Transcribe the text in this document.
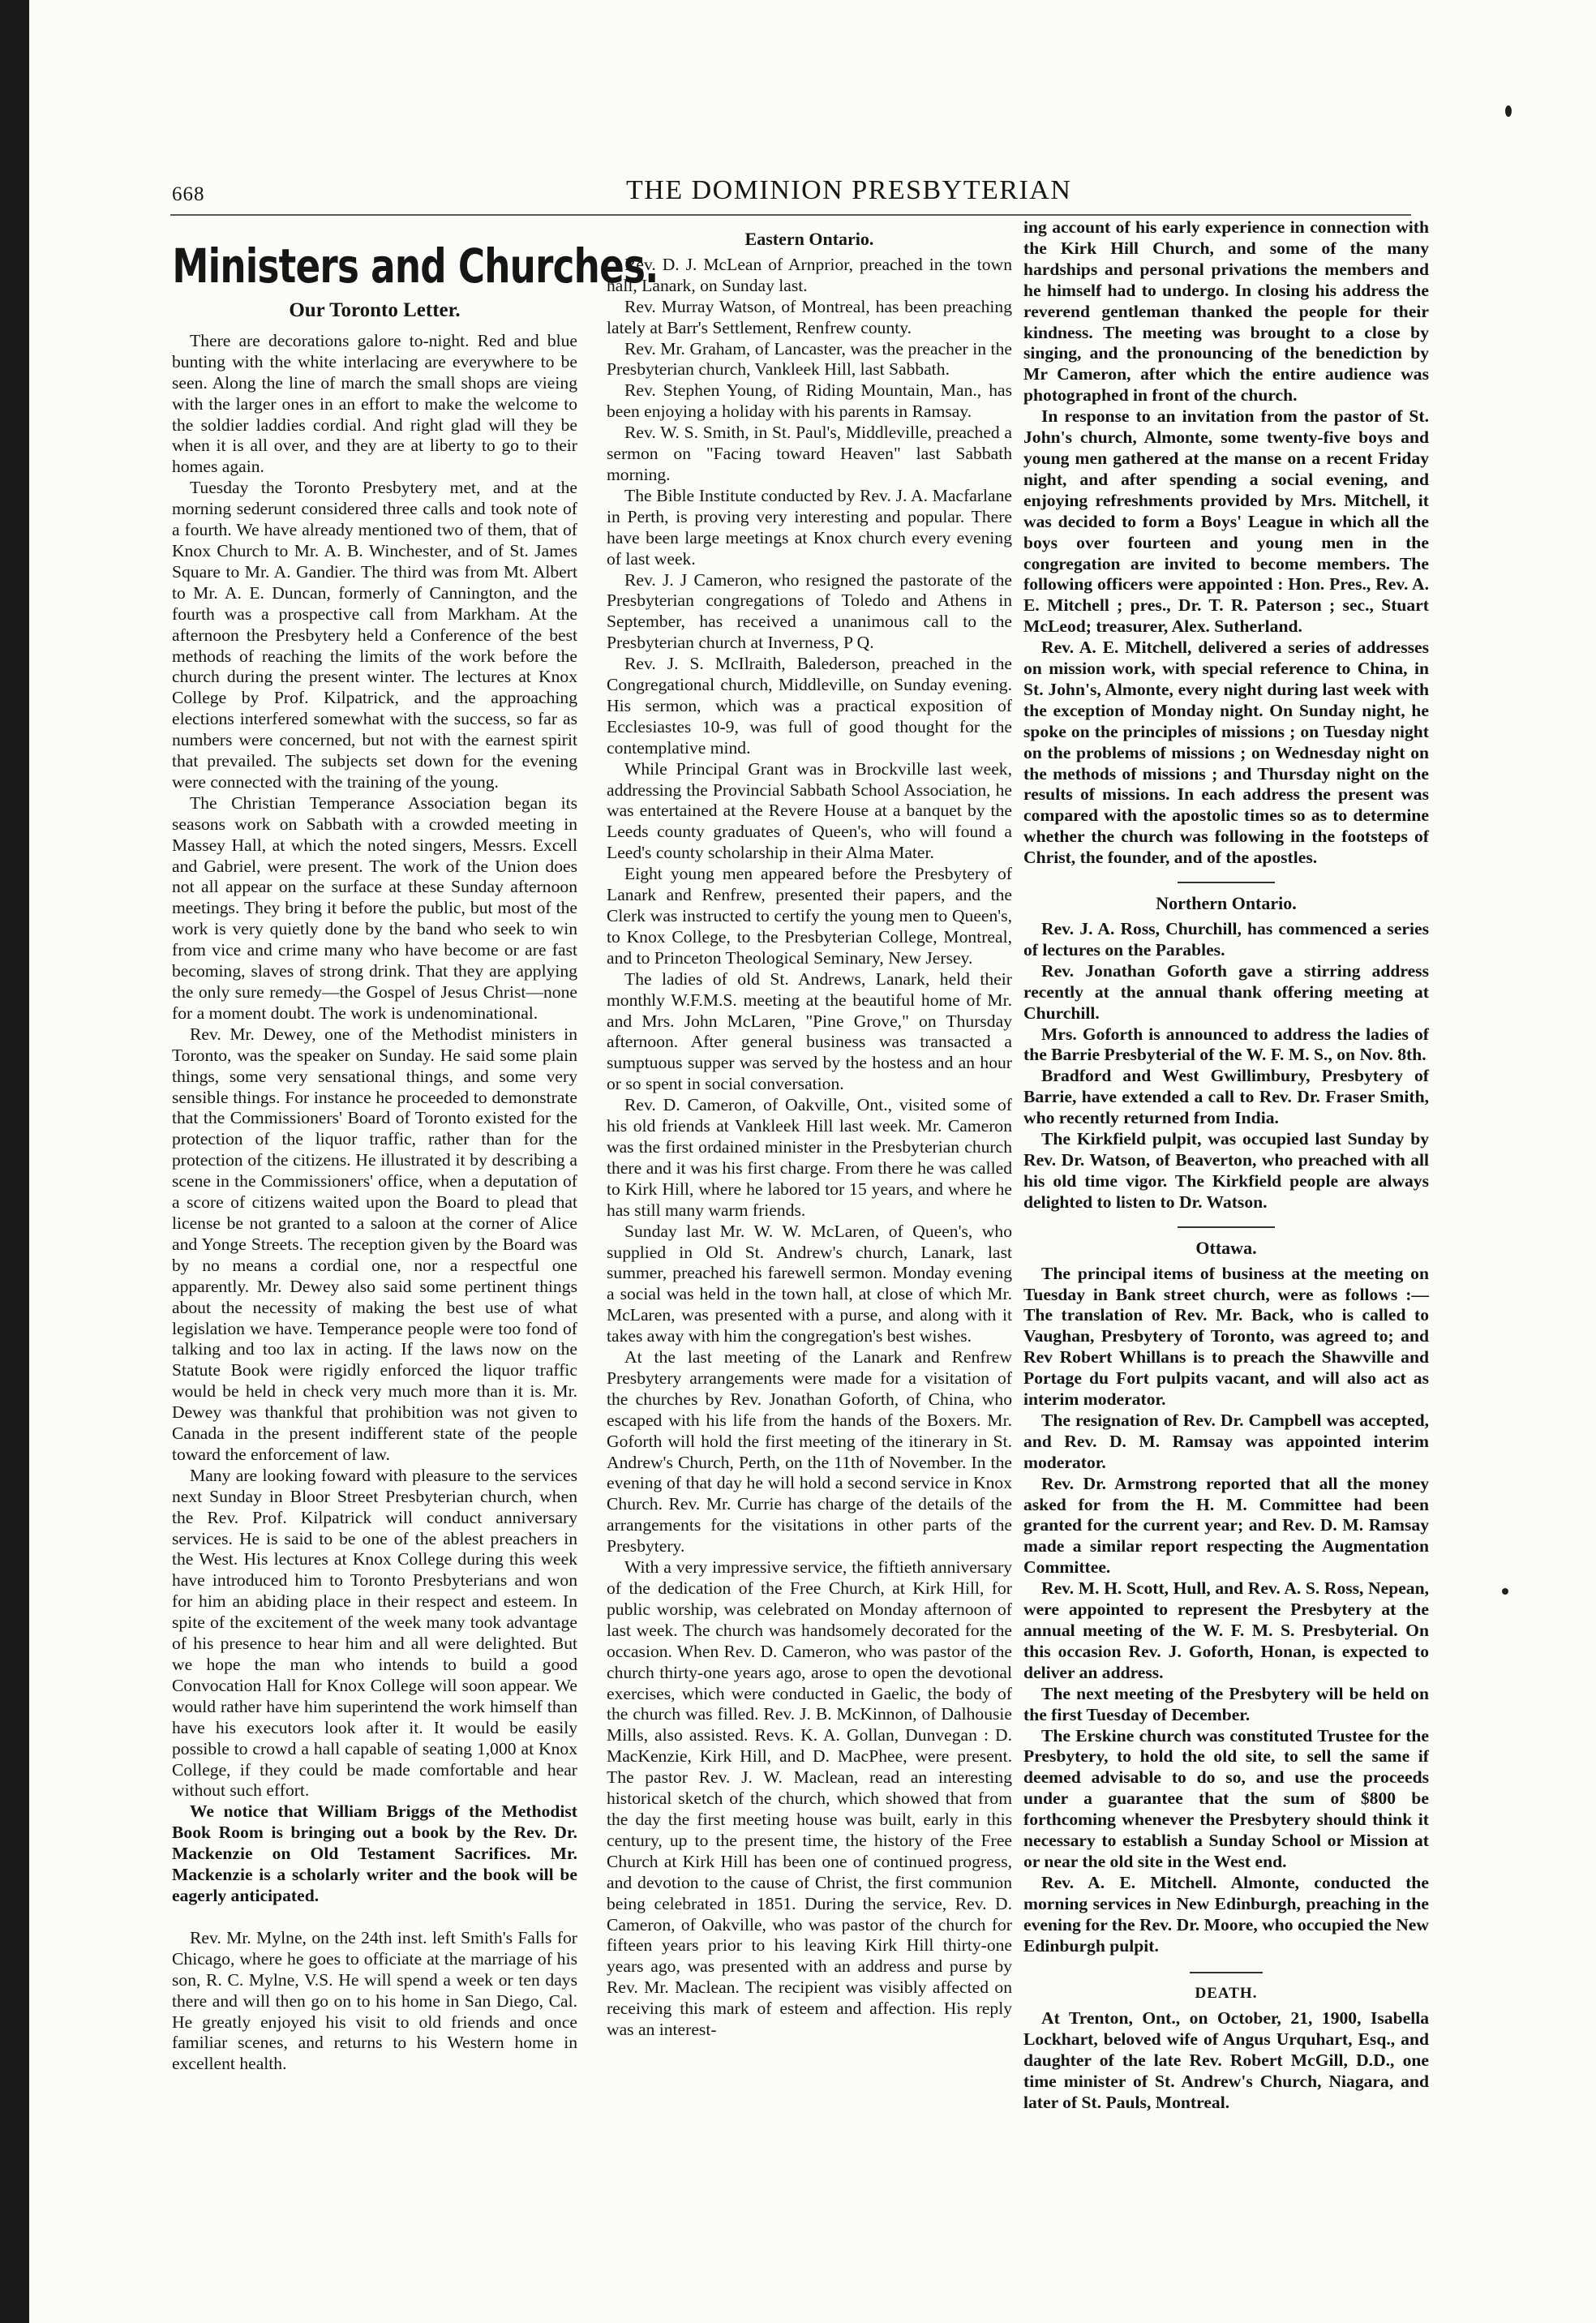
668	THE DOMINION PRESBYTERIAN
Ministers and Churches.
Our Toronto Letter.

There are decorations galore to-night. Red and blue bunting with the white interlacing are everywhere to be seen. Along the line of march the small shops are vieing with the larger ones in an effort to make the welcome to the soldier laddies cordial. And right glad will they be when it is all over, and they are at liberty to go to their homes again.

Tuesday the Toronto Presbytery met, and at the morning sederunt considered three calls and took note of a fourth. We have already mentioned two of them, that of Knox Church to Mr. A. B. Winchester, and of St. James Square to Mr. A. Gandier. The third was from Mt. Albert to Mr. A. E. Duncan, formerly of Cannington, and the fourth was a prospective call from Markham. At the afternoon the Presbytery held a Conference of the best methods of reaching the limits of the work before the church during the present winter. The lectures at Knox College by Prof. Kilpatrick, and the approaching elections interfered somewhat with the success, so far as numbers were concerned, but not with the earnest spirit that prevailed. The subjects set down for the evening were connected with the training of the young.

The Christian Temperance Association began its seasons work on Sabbath with a crowded meeting in Massey Hall, at which the noted singers, Messrs. Excell and Gabriel, were present. The work of the Union does not all appear on the surface at these Sunday afternoon meetings. They bring it before the public, but most of the work is very quietly done by the band who seek to win from vice and crime many who have become or are fast becoming, slaves of strong drink. That they are applying the only sure remedy—the Gospel of Jesus Christ—none for a moment doubt. The work is undenominational.

Rev. Mr. Dewey, one of the Methodist ministers in Toronto, was the speaker on Sunday. He said some plain things, some very sensational things, and some very sensible things. For instance he proceeded to demonstrate that the Commissioners' Board of Toronto existed for the protection of the liquor traffic, rather than for the protection of the citizens. He illustrated it by describing a scene in the Commissioners' office, when a deputation of a score of citizens waited upon the Board to plead that license be not granted to a saloon at the corner of Alice and Yonge Streets. The reception given by the Board was by no means a cordial one, nor a respectful one apparently. Mr. Dewey also said some pertinent things about the necessity of making the best use of what legislation we have. Temperance people were too fond of talking and too lax in acting. If the laws now on the Statute Book were rigidly enforced the liquor traffic would be held in check very much more than it is. Mr. Dewey was thankful that prohibition was not given to Canada in the present indifferent state of the people toward the enforcement of law.

Many are looking foward with pleasure to the services next Sunday in Bloor Street Presbyterian church, when the Rev. Prof. Kilpatrick will conduct anniversary services. He is said to be one of the ablest preachers in the West. His lectures at Knox College during this week have introduced him to Toronto Presbyterians and won for him an abiding place in their respect and esteem. In spite of the excitement of the week many took advantage of his presence to hear him and all were delighted. But we hope the man who intends to build a good Convocation Hall for Knox College will soon appear. We would rather have him superintend the work himself than have his executors look after it. It would be easily possible to crowd a hall capable of seating 1,000 at Knox College, if they could be made comfortable and hear without such effort.

We notice that William Briggs of the Methodist Book Room is bringing out a book by the Rev. Dr. Mackenzie on Old Testament Sacrifices. Mr. Mackenzie is a scholarly writer and the book will be eagerly anticipated.

Rev. Mr. Mylne, on the 24th inst. left Smith's Falls for Chicago, where he goes to officiate at the marriage of his son, R. C. Mylne, V.S. He will spend a week or ten days there and will then go on to his home in San Diego, Cal. He greatly enjoyed his visit to old friends and once familiar scenes, and returns to his Western home in excellent health.

Eastern Ontario.

Rev. D. J. McLean of Arnprior, preached in the town hall, Lanark, on Sunday last.

Rev. Murray Watson, of Montreal, has been preaching lately at Barr's Settlement, Renfrew county.

Rev. Mr. Graham, of Lancaster, was the preacher in the Presbyterian church, Vankleek Hill, last Sabbath.

Rev. Stephen Young, of Riding Mountain, Man., has been enjoying a holiday with his parents in Ramsay.

Rev. W. S. Smith, in St. Paul's, Middleville, preached a sermon on "Facing toward Heaven" last Sabbath morning.

The Bible Institute conducted by Rev. J. A. Macfarlane in Perth, is proving very interesting and popular. There have been large meetings at Knox church every evening of last week.

Rev. J. J Cameron, who resigned the pastorate of the Presbyterian congregations of Toledo and Athens in September, has received a unanimous call to the Presbyterian church at Inverness, P Q.

Rev. J. S. McIlraith, Balederson, preached in the Congregational church, Middleville, on Sunday evening. His sermon, which was a practical exposition of Ecclesiastes 10-9, was full of good thought for the contemplative mind.

While Principal Grant was in Brockville last week, addressing the Provincial Sabbath School Association, he was entertained at the Revere House at a banquet by the Leeds county graduates of Queen's, who will found a Leed's county scholarship in their Alma Mater.

Eight young men appeared before the Presbytery of Lanark and Renfrew, presented their papers, and the Clerk was instructed to certify the young men to Queen's, to Knox College, to the Presbyterian College, Montreal, and to Princeton Theological Seminary, New Jersey.

The ladies of old St. Andrews, Lanark, held their monthly W.F.M.S. meeting at the beautiful home of Mr. and Mrs. John McLaren, "Pine Grove," on Thursday afternoon. After general business was transacted a sumptuous supper was served by the hostess and an hour or so spent in social conversation.

Rev. D. Cameron, of Oakville, Ont., visited some of his old friends at Vankleek Hill last week. Mr. Cameron was the first ordained minister in the Presbyterian church there and it was his first charge. From there he was called to Kirk Hill, where he labored tor 15 years, and where he has still many warm friends.

Sunday last Mr. W. W. McLaren, of Queen's, who supplied in Old St. Andrew's church, Lanark, last summer, preached his farewell sermon. Monday evening a social was held in the town hall, at close of which Mr. McLaren, was presented with a purse, and along with it takes away with him the congregation's best wishes.

At the last meeting of the Lanark and Renfrew Presbytery arrangements were made for a visitation of the churches by Rev. Jonathan Goforth, of China, who escaped with his life from the hands of the Boxers. Mr. Goforth will hold the first meeting of the itinerary in St. Andrew's Church, Perth, on the 11th of November. In the evening of that day he will hold a second service in Knox Church. Rev. Mr. Currie has charge of the details of the arrangements for the visitations in other parts of the Presbytery.

With a very impressive service, the fiftieth anniversary of the dedication of the Free Church, at Kirk Hill, for public worship, was celebrated on Monday afternoon of last week. The church was handsomely decorated for the occasion. When Rev. D. Cameron, who was pastor of the church thirty-one years ago, arose to open the devotional exercises, which were conducted in Gaelic, the body of the church was filled. Rev. J. B. McKinnon, of Dalhousie Mills, also assisted. Revs. K. A. Gollan, Dunvegan : D. MacKenzie, Kirk Hill, and D. MacPhee, were present. The pastor Rev. J. W. Maclean, read an interesting historical sketch of the church, which showed that from the day the first meeting house was built, early in this century, up to the present time, the history of the Free Church at Kirk Hill has been one of continued progress, and devotion to the cause of Christ, the first communion being celebrated in 1851. During the service, Rev. D. Cameron, of Oakville, who was pastor of the church for fifteen years prior to his leaving Kirk Hill thirty-one years ago, was presented with an address and purse by Rev. Mr. Maclean. The recipient was visibly affected on receiving this mark of esteem and affection. His reply was an interest-

ing account of his early experience in connection with the Kirk Hill Church, and some of the many hardships and personal privations the members and he himself had to undergo. In closing his address the reverend gentleman thanked the people for their kindness. The meeting was brought to a close by singing, and the pronouncing of the benediction by Mr Cameron, after which the entire audience was photographed in front of the church.

In response to an invitation from the pastor of St. John's church, Almonte, some twenty-five boys and young men gathered at the manse on a recent Friday night, and after spending a social evening, and enjoying refreshments provided by Mrs. Mitchell, it was decided to form a Boys' League in which all the boys over fourteen and young men in the congregation are invited to become members. The following officers were appointed : Hon. Pres., Rev. A. E. Mitchell ; pres., Dr. T. R. Paterson ; sec., Stuart McLeod; treasurer, Alex. Sutherland.

Rev. A. E. Mitchell, delivered a series of addresses on mission work, with special reference to China, in St. John's, Almonte, every night during last week with the exception of Monday night. On Sunday night, he spoke on the principles of missions ; on Tuesday night on the problems of missions ; on Wednesday night on the methods of missions ; and Thursday night on the results of missions. In each address the present was compared with the apostolic times so as to determine whether the church was following in the footsteps of Christ, the founder, and of the apostles.

Northern Ontario.

Rev. J. A. Ross, Churchill, has commenced a series of lectures on the Parables.

Rev. Jonathan Goforth gave a stirring address recently at the annual thank offering meeting at Churchill.

Mrs. Goforth is announced to address the ladies of the Barrie Presbyterial of the W. F. M. S., on Nov. 8th.

Bradford and West Gwillimbury, Presbytery of Barrie, have extended a call to Rev. Dr. Fraser Smith, who recently returned from India.

The Kirkfield pulpit, was occupied last Sunday by Rev. Dr. Watson, of Beaverton, who preached with all his old time vigor. The Kirkfield people are always delighted to listen to Dr. Watson.

Ottawa.

The principal items of business at the meeting on Tuesday in Bank street church, were as follows :—The translation of Rev. Mr. Back, who is called to Vaughan, Presbytery of Toronto, was agreed to; and Rev Robert Whillans is to preach the Shawville and Portage du Fort pulpits vacant, and will also act as interim moderator.

The resignation of Rev. Dr. Campbell was accepted, and Rev. D. M. Ramsay was appointed interim moderator.

Rev. Dr. Armstrong reported that all the money asked for from the H. M. Committee had been granted for the current year; and Rev. D. M. Ramsay made a similar report respecting the Augmentation Committee.

Rev. M. H. Scott, Hull, and Rev. A. S. Ross, Nepean, were appointed to represent the Presbytery at the annual meeting of the W. F. M. S. Presbyterial. On this occasion Rev. J. Goforth, Honan, is expected to deliver an address.

The next meeting of the Presbytery will be held on the first Tuesday of December.

The Erskine church was constituted Trustee for the Presbytery, to hold the old site, to sell the same if deemed advisable to do so, and use the proceeds under a guarantee that the sum of $800 be forthcoming whenever the Presbytery should think it necessary to establish a Sunday School or Mission at or near the old site in the West end.

Rev. A. E. Mitchell. Almonte, conducted the morning services in New Edinburgh, preaching in the evening for the Rev. Dr. Moore, who occupied the New Edinburgh pulpit.

DEATH.

At Trenton, Ont., on October, 21, 1900, Isabella Lockhart, beloved wife of Angus Urquhart, Esq., and daughter of the late Rev. Robert McGill, D.D., one time minister of St. Andrew's Church, Niagara, and later of St. Pauls, Montreal.
